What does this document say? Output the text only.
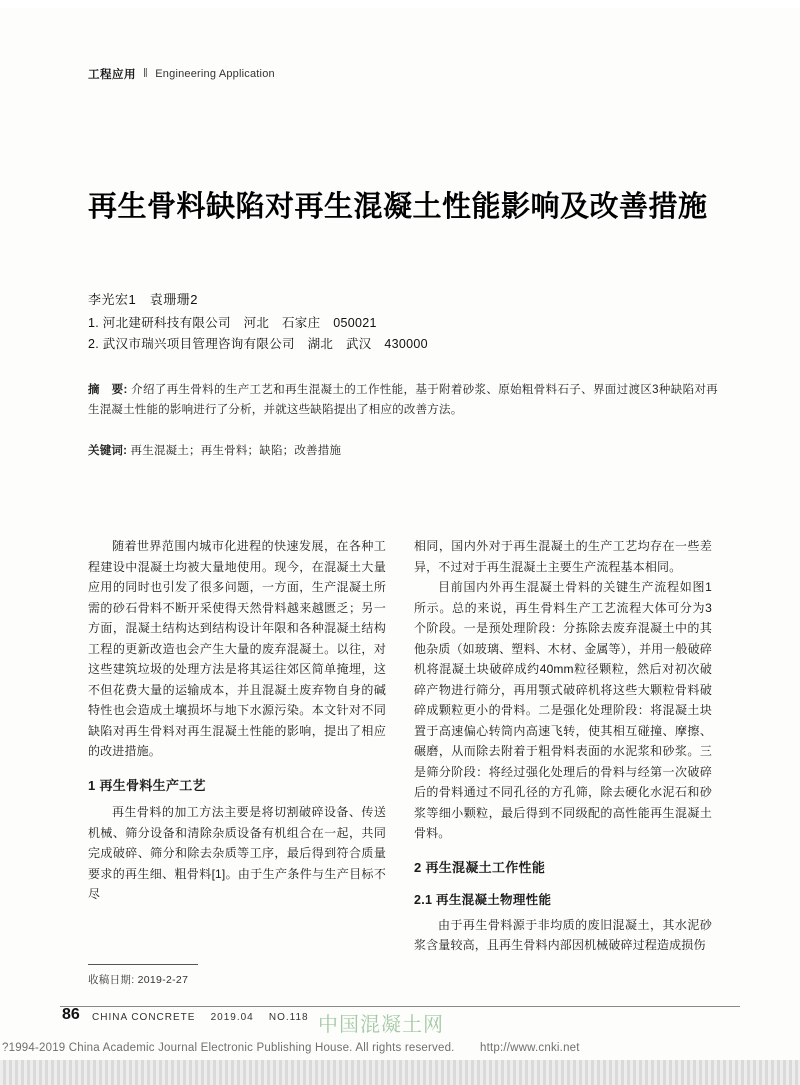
工程应用 ‖ Engineering Application
再生骨料缺陷对再生混凝土性能影响及改善措施
李光宏1　袁珊珊2
1. 河北建研科技有限公司　河北　石家庄　050021
2. 武汉市瑞兴项目管理咨询有限公司　湖北　武汉　430000
摘　要: 介绍了再生骨料的生产工艺和再生混凝土的工作性能，基于附着砂浆、原始粗骨料石子、界面过渡区3种缺陷对再生混凝土性能的影响进行了分析，并就这些缺陷提出了相应的改善方法。
关键词: 再生混凝土；再生骨料；缺陷；改善措施

随着世界范围内城市化进程的快速发展，在各种工程建设中混凝土均被大量地使用。现今，在混凝土大量应用的同时也引发了很多问题，一方面，生产混凝土所需的砂石骨料不断开采使得天然骨料越来越匮乏；另一方面，混凝土结构达到结构设计年限和各种混凝土结构工程的更新改造也会产生大量的废弃混凝土。以往，对这些建筑垃圾的处理方法是将其运往郊区简单掩埋，这不但花费大量的运输成本，并且混凝土废弃物自身的碱特性也会造成土壤损坏与地下水源污染。本文针对不同缺陷对再生骨料对再生混凝土性能的影响，提出了相应的改进措施。

1 再生骨料生产工艺

再生骨料的加工方法主要是将切割破碎设备、传送机械、筛分设备和清除杂质设备有机组合在一起，共同完成破碎、筛分和除去杂质等工序，最后得到符合质量要求的再生细、粗骨料[1]。由于生产条件与生产目标不尽

相同，国内外对于再生混凝土的生产工艺均存在一些差异，不过对于再生混凝土主要生产流程基本相同。

目前国内外再生混凝土骨料的关键生产流程如图1所示。总的来说，再生骨料生产工艺流程大体可分为3个阶段。一是预处理阶段：分拣除去废弃混凝土中的其他杂质（如玻璃、塑料、木材、金属等），并用一般破碎机将混凝土块破碎成约40mm粒径颗粒，然后对初次破碎产物进行筛分，再用颚式破碎机将这些大颗粒骨料破碎成颗粒更小的骨料。二是强化处理阶段：将混凝土块置于高速偏心转筒内高速飞转，使其相互碰撞、摩擦、碾磨，从而除去附着于粗骨料表面的水泥浆和砂浆。三是筛分阶段：将经过强化处理后的骨料与经第一次破碎后的骨料通过不同孔径的方孔筛，除去硬化水泥石和砂浆等细小颗粒，最后得到不同级配的高性能再生混凝土骨料。

2 再生混凝土工作性能
2.1 再生混凝土物理性能

由于再生骨料源于非均质的废旧混凝土，其水泥砂浆含量较高，且再生骨料内部因机械破碎过程造成损伤

收稿日期: 2019-2-27
86 CHINA CONCRETE 2019.04 NO.118 中国混凝土网
?1994-2019 China Academic Journal Electronic Publishing House. All rights reserved. http://www.cnki.net
